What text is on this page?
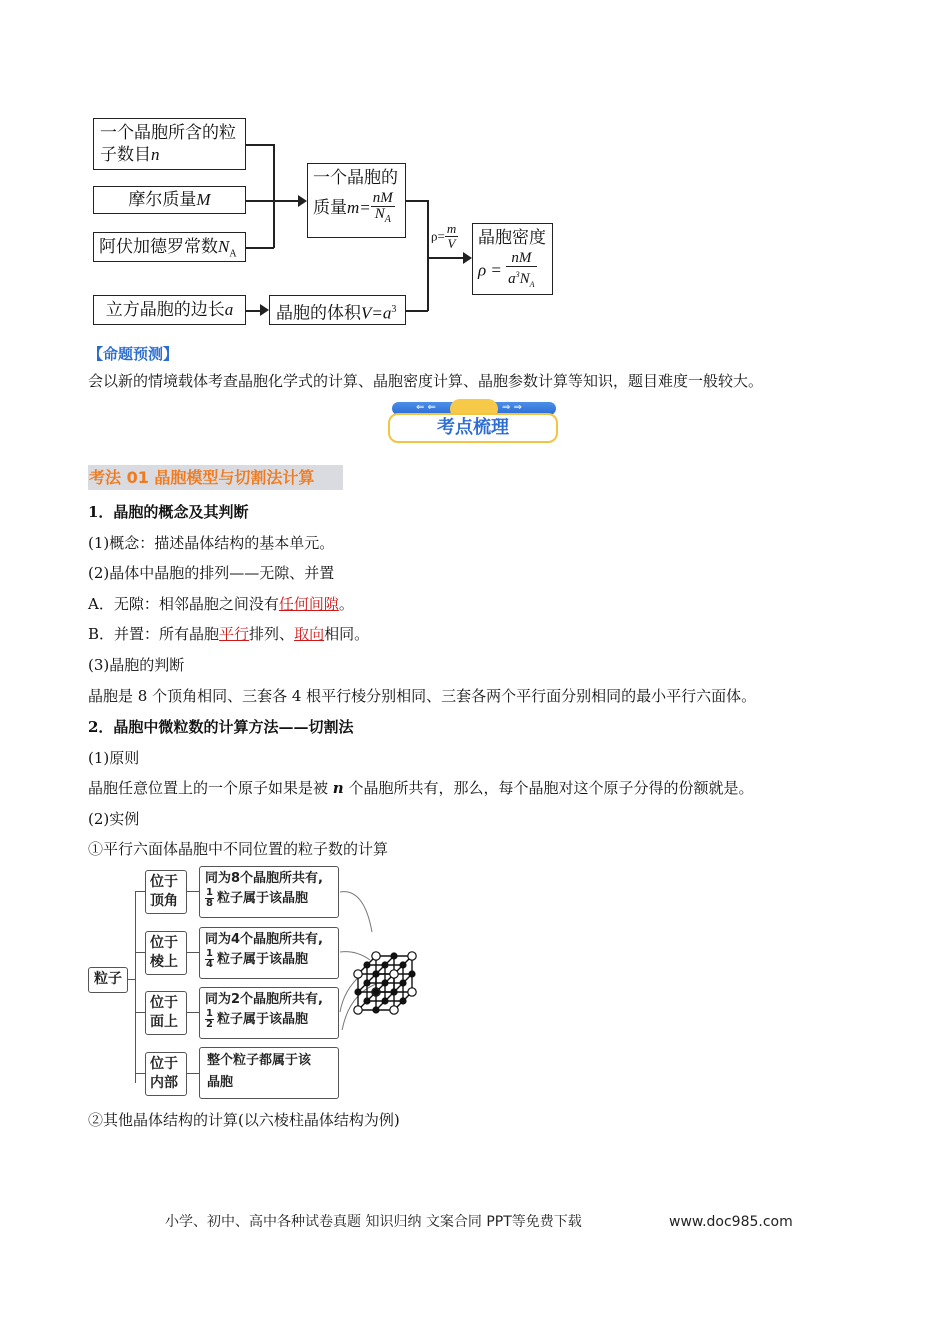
一个晶胞所含的粒
子数目n
摩尔质量M
阿伏加德罗常数$N_A$
一个晶胞的
质量$m= \frac{nM}{N_A}$
立方晶胞的边长a	晶胞的体积$V=a^3$
$\rho= \frac{m}{V}$ 晶胞密度
$\rho = \frac{nM}{a^3N_A}$
【命题预测】
会以新的情境载体考查晶胞化学式的计算、晶胞密度计算、晶胞参数计算等知识，题目难度一般较大。
⇐ ⇐	⇒ ⇒
考点梳理
考法 01 晶胞模型与切割法计算
1．晶胞的概念及其判断
(1)概念：描述晶体结构的基本单元。
(2)晶体中晶胞的排列——无隙、并置
A．无隙：相邻晶胞之间没有任何间隙。
B．并置：所有晶胞平行排列、取向相同。
(3)晶胞的判断
晶胞是 8 个顶角相同、三套各 4 根平行棱分别相同、三套各两个平行面分别相同的最小平行六面体。
2．晶胞中微粒数的计算方法——切割法
(1)原则
晶胞任意位置上的一个原子如果是被 n 个晶胞所共有，那么，每个晶胞对这个原子分得的份额就是。
(2)实例
①平行六面体晶胞中不同位置的粒子数的计算
粒子
位于
顶角
同为8个晶胞所共有,
$\frac{1}{8}$ 粒子属于该晶胞
位于
棱上
同为4个晶胞所共有,
$\frac{1}{4}$ 粒子属于该晶胞
位于
面上
同为2个晶胞所共有,
$\frac{1}{2}$ 粒子属于该晶胞
位于
内部
整个粒子都属于该
晶胞
②其他晶体结构的计算(以六棱柱晶体结构为例)
小学、初中、高中各种试卷真题 知识归纳 文案合同 PPT等免费下载	www.doc985.com
